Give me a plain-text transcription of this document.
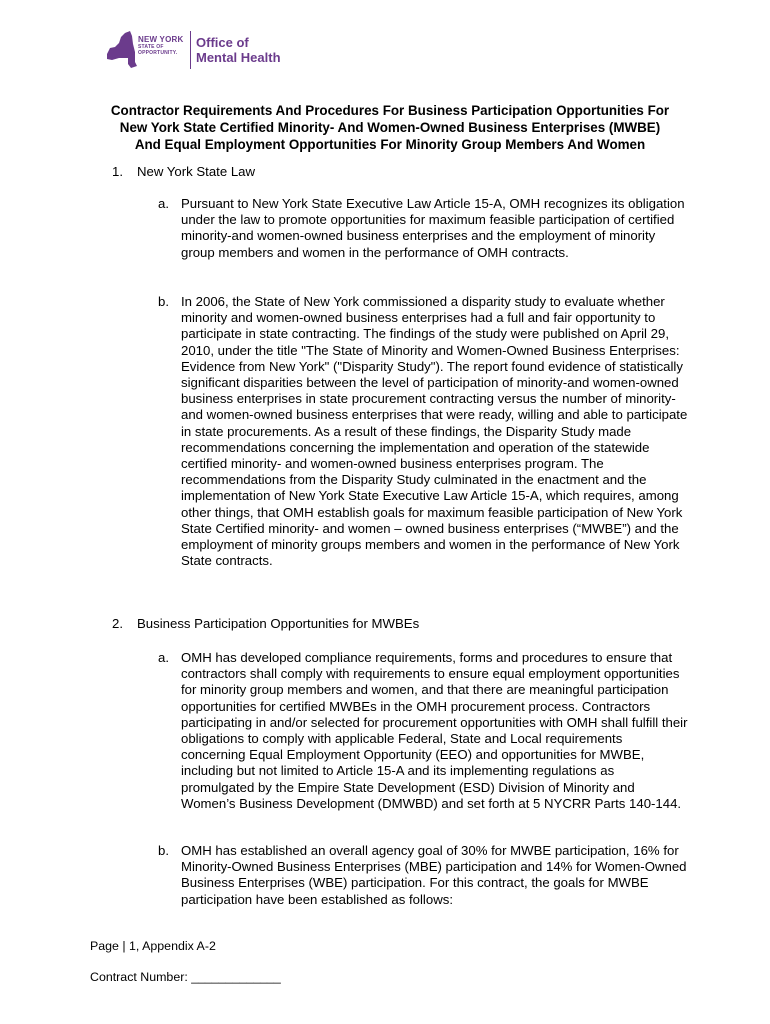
NEW YORK
STATE OF
OPPORTUNITY.
Office of
Mental Health
Contractor Requirements And Procedures For Business Participation Opportunities For
New York State Certified Minority- And Women-Owned Business Enterprises (MWBE)
And Equal Employment Opportunities For Minority Group Members And Women
1. New York State Law
a. Pursuant to New York State Executive Law Article 15-A, OMH recognizes its obligation under the law to promote opportunities for maximum feasible participation of certified minority-and women-owned business enterprises and the employment of minority group members and women in the performance of OMH contracts.
b. In 2006, the State of New York commissioned a disparity study to evaluate whether minority and women-owned business enterprises had a full and fair opportunity to participate in state contracting. The findings of the study were published on April 29, 2010, under the title "The State of Minority and Women-Owned Business Enterprises: Evidence from New York" ("Disparity Study"). The report found evidence of statistically significant disparities between the level of participation of minority-and women-owned business enterprises in state procurement contracting versus the number of minority-and women-owned business enterprises that were ready, willing and able to participate in state procurements. As a result of these findings, the Disparity Study made recommendations concerning the implementation and operation of the statewide certified minority- and women-owned business enterprises program. The recommendations from the Disparity Study culminated in the enactment and the implementation of New York State Executive Law Article 15-A, which requires, among other things, that OMH establish goals for maximum feasible participation of New York State Certified minority- and women – owned business enterprises (“MWBE”) and the employment of minority groups members and women in the performance of New York State contracts.
2. Business Participation Opportunities for MWBEs
a. OMH has developed compliance requirements, forms and procedures to ensure that contractors shall comply with requirements to ensure equal employment opportunities for minority group members and women, and that there are meaningful participation opportunities for certified MWBEs in the OMH procurement process. Contractors participating in and/or selected for procurement opportunities with OMH shall fulfill their obligations to comply with applicable Federal, State and Local requirements concerning Equal Employment Opportunity (EEO) and opportunities for MWBE, including but not limited to Article 15-A and its implementing regulations as promulgated by the Empire State Development (ESD) Division of Minority and Women’s Business Development (DMWBD) and set forth at 5 NYCRR Parts 140-144.
b. OMH has established an overall agency goal of 30% for MWBE participation, 16% for Minority-Owned Business Enterprises (MBE) participation and 14% for Women-Owned Business Enterprises (WBE) participation. For this contract, the goals for MWBE participation have been established as follows:
Page | 1, Appendix A-2
Contract Number: _____________
